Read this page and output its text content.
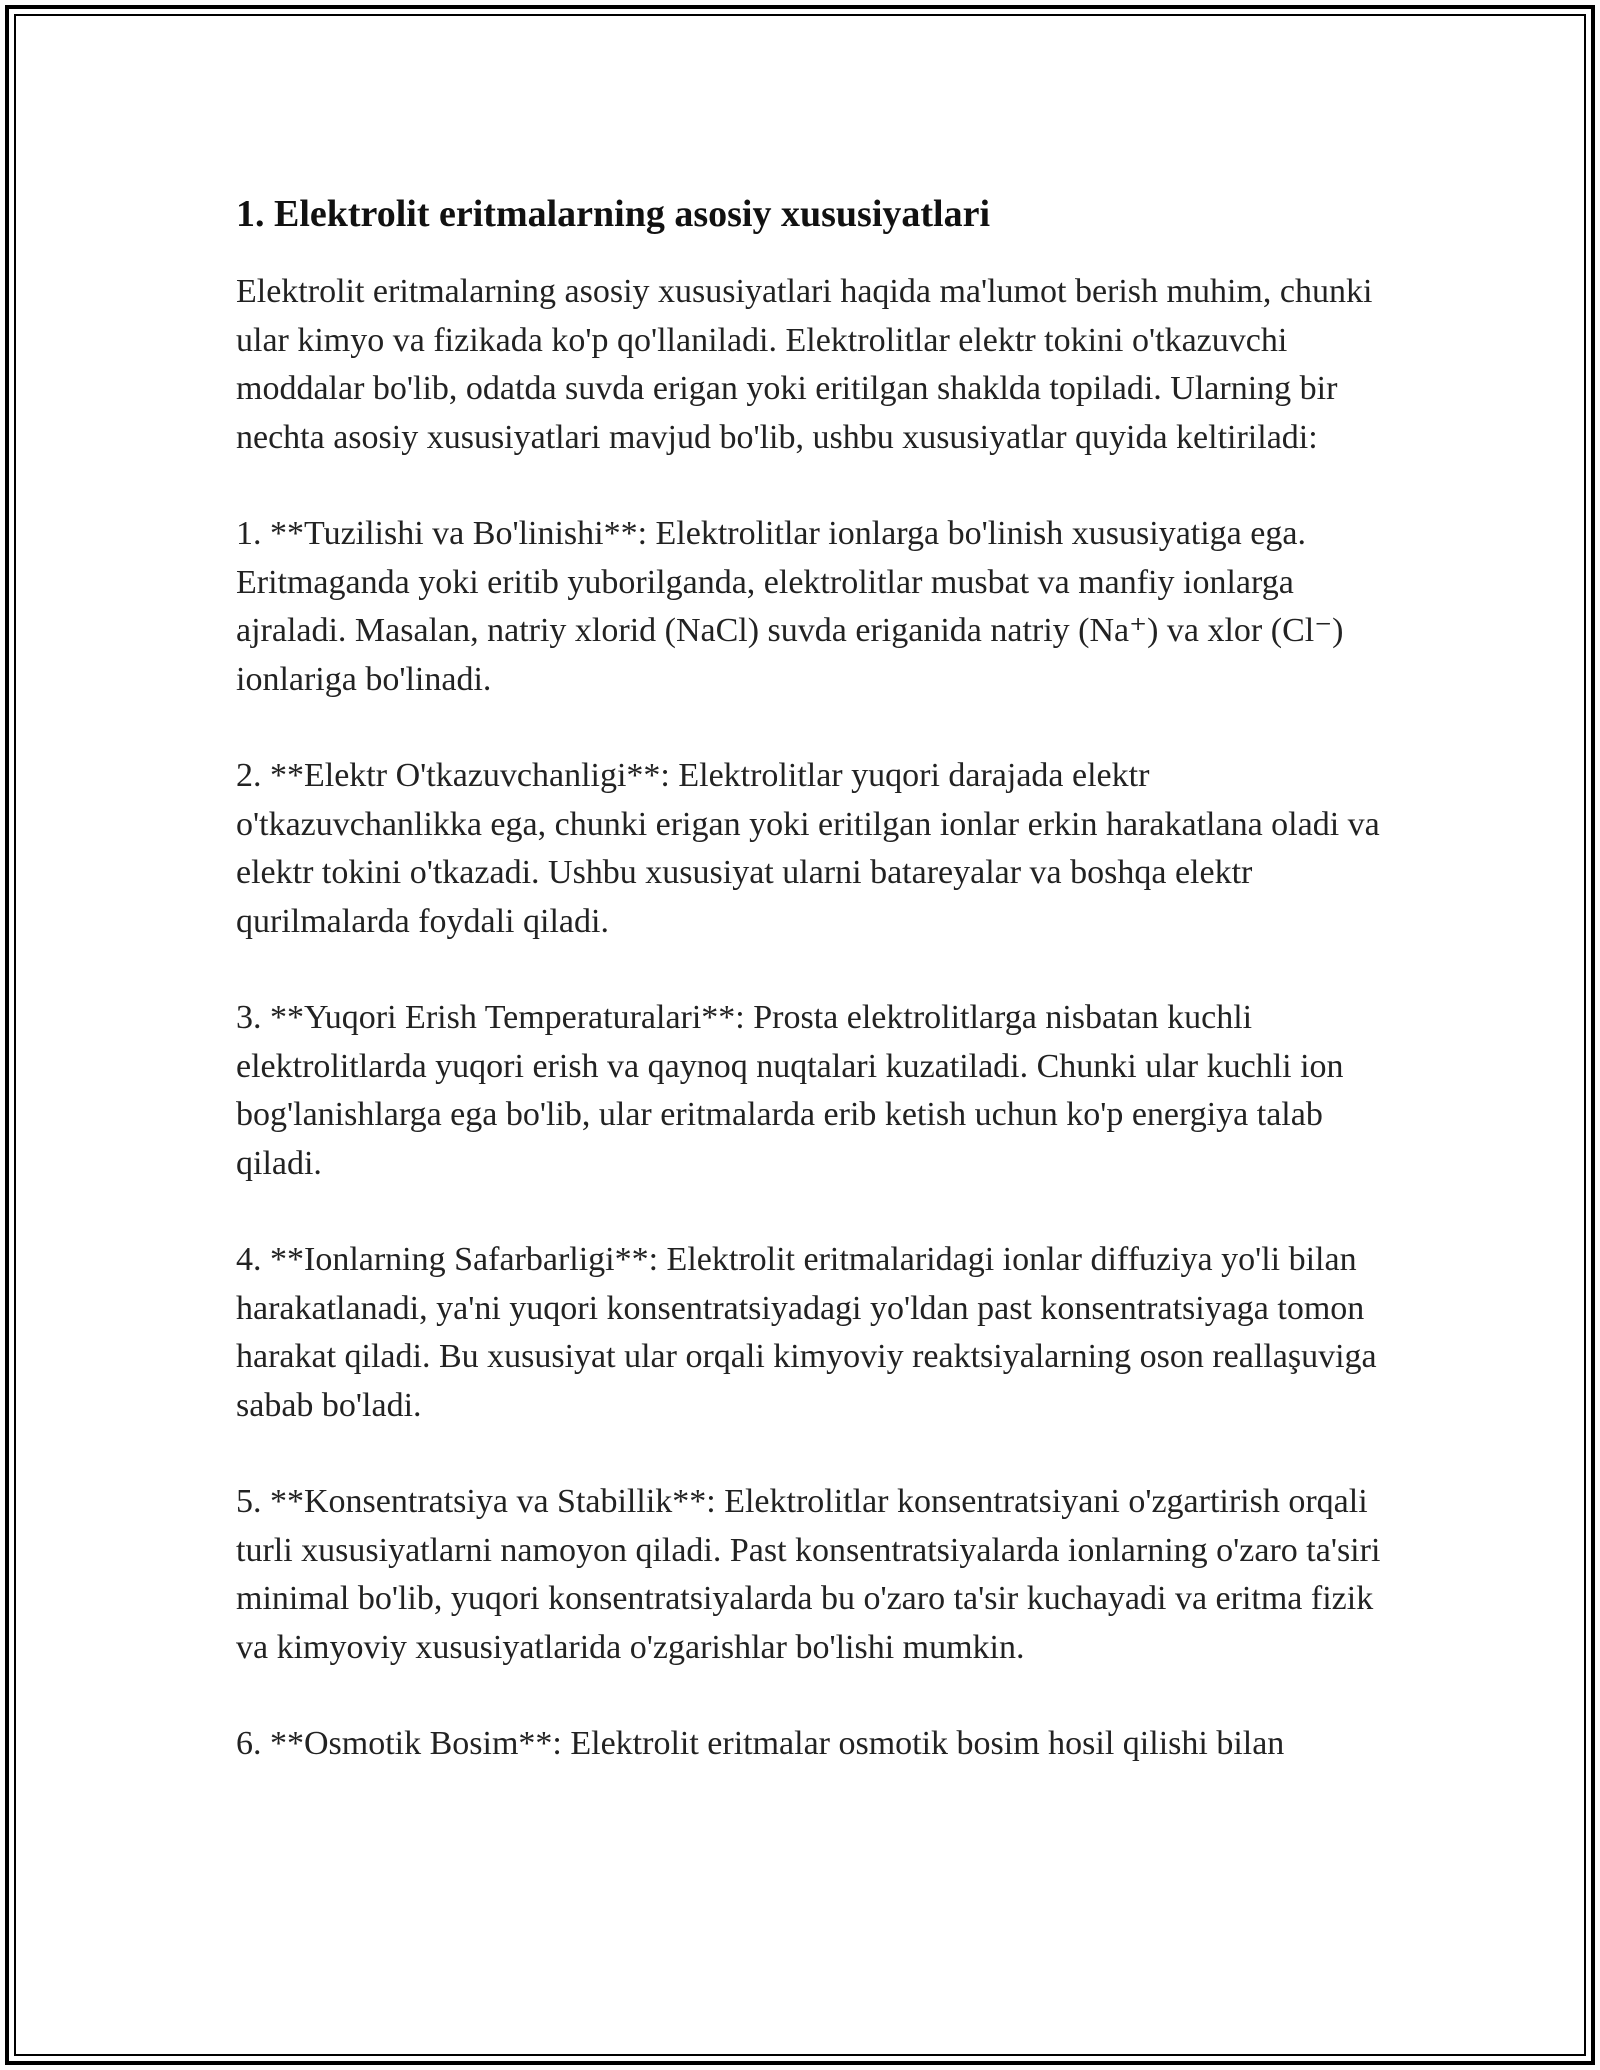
1. Elektrolit eritmalarning asosiy xususiyatlari

Elektrolit eritmalarning asosiy xususiyatlari haqida ma'lumot berish muhim, chunki ular kimyo va fizikada ko'p qo'llaniladi. Elektrolitlar elektr tokini o'tkazuvchi moddalar bo'lib, odatda suvda erigan yoki eritilgan shaklda topiladi. Ularning bir nechta asosiy xususiyatlari mavjud bo'lib, ushbu xususiyatlar quyida keltiriladi:

1. **Tuzilishi va Bo'linishi**: Elektrolitlar ionlarga bo'linish xususiyatiga ega. Eritmaganda yoki eritib yuborilganda, elektrolitlar musbat va manfiy ionlarga ajraladi. Masalan, natriy xlorid (NaCl) suvda eriganida natriy (Na⁺) va xlor (Cl⁻) ionlariga bo'linadi.

2. **Elektr O'tkazuvchanligi**: Elektrolitlar yuqori darajada elektr o'tkazuvchanlikka ega, chunki erigan yoki eritilgan ionlar erkin harakatlana oladi va elektr tokini o'tkazadi. Ushbu xususiyat ularni batareyalar va boshqa elektr qurilmalarda foydali qiladi.

3. **Yuqori Erish Temperaturalari**: Prosta elektrolitlarga nisbatan kuchli elektrolitlarda yuqori erish va qaynoq nuqtalari kuzatiladi. Chunki ular kuchli ion bog'lanishlarga ega bo'lib, ular eritmalarda erib ketish uchun ko'p energiya talab qiladi.

4. **Ionlarning Safarbarligi**: Elektrolit eritmalaridagi ionlar diffuziya yo'li bilan harakatlanadi, ya'ni yuqori konsentratsiyadagi yo'ldan past konsentratsiyaga tomon harakat qiladi. Bu xususiyat ular orqali kimyoviy reaktsiyalarning oson reallaşuviga sabab bo'ladi.

5. **Konsentratsiya va Stabillik**: Elektrolitlar konsentratsiyani o'zgartirish orqali turli xususiyatlarni namoyon qiladi. Past konsentratsiyalarda ionlarning o'zaro ta'siri minimal bo'lib, yuqori konsentratsiyalarda bu o'zaro ta'sir kuchayadi va eritma fizik va kimyoviy xususiyatlarida o'zgarishlar bo'lishi mumkin.

6. **Osmotik Bosim**: Elektrolit eritmalar osmotik bosim hosil qilishi bilan
